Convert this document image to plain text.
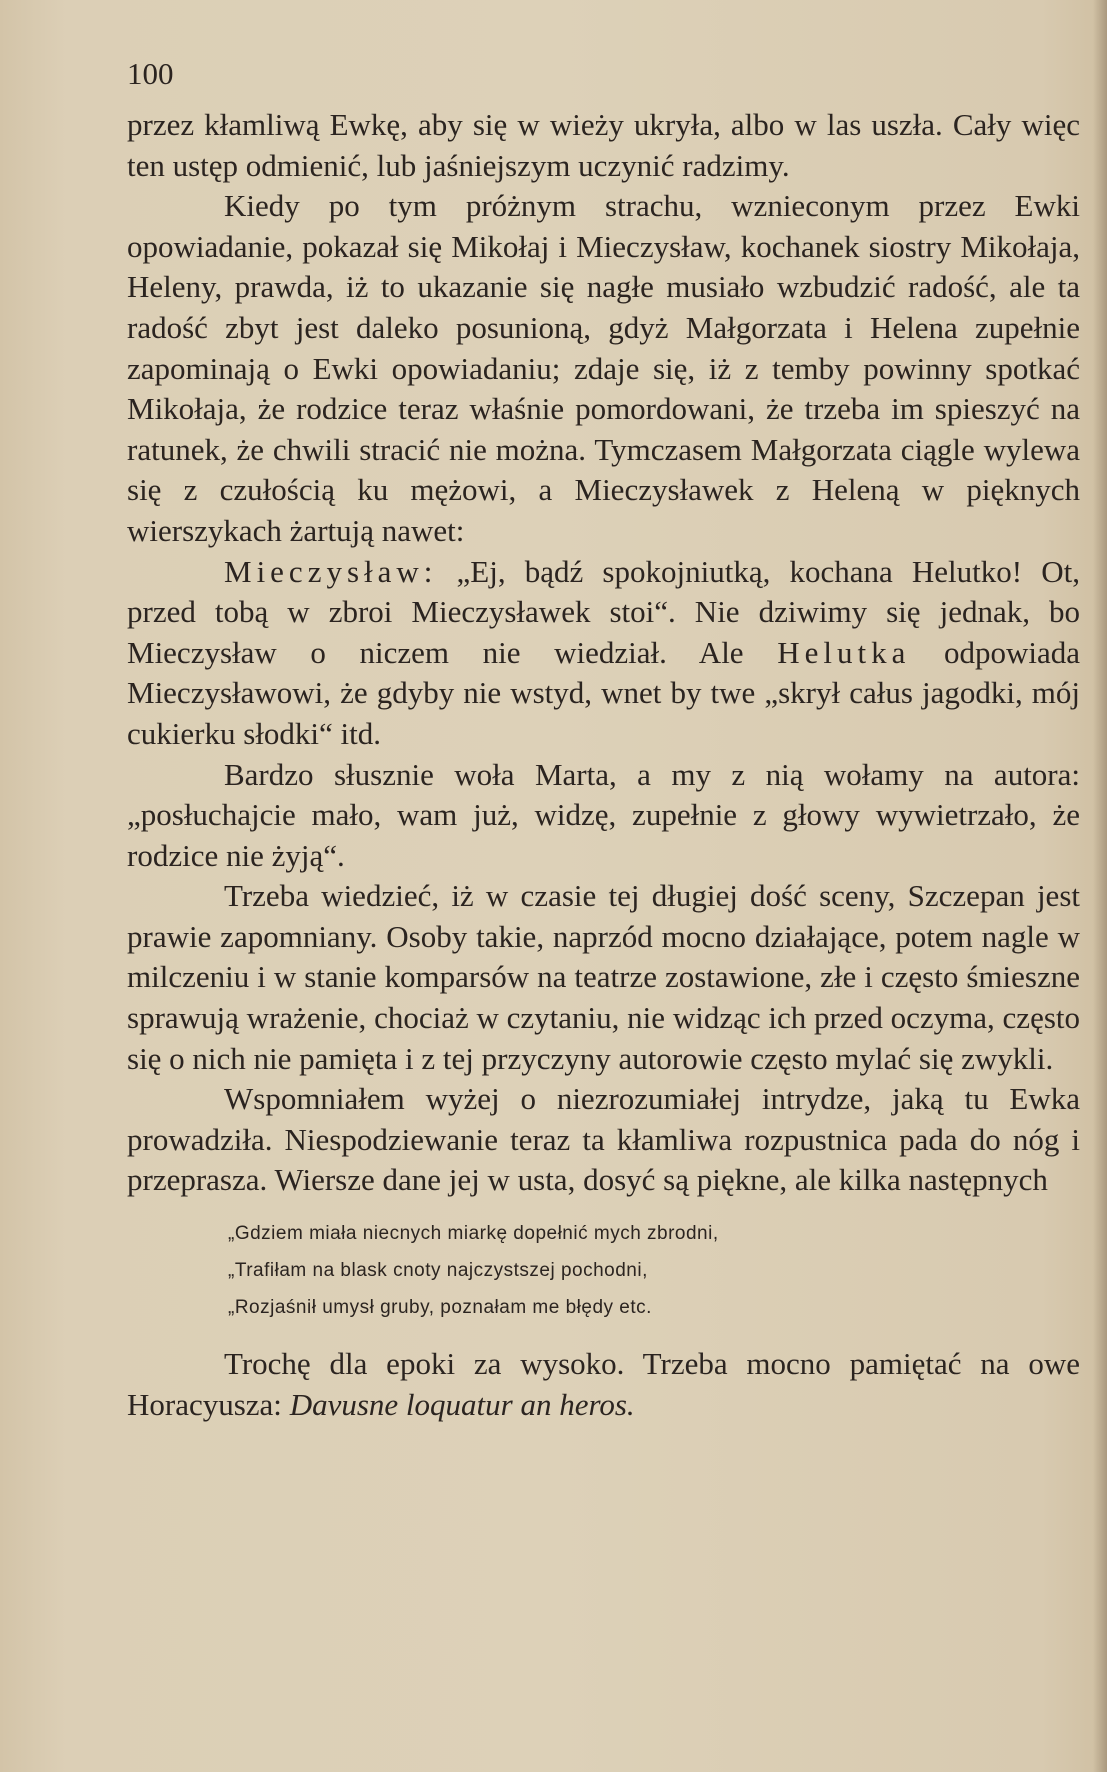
100

przez kłamliwą Ewkę, aby się w wieży ukryła, albo w las uszła. Cały więc ten ustęp odmienić, lub jaśniejszym uczynić radzimy.

Kiedy po tym próżnym strachu, wznieconym przez Ewki opowiadanie, pokazał się Mikołaj i Mieczysław, kochanek siostry Mikołaja, Heleny, prawda, iż to ukazanie się nagłe musiało wzbudzić radość, ale ta radość zbyt jest daleko posunioną, gdyż Małgorzata i Helena zupełnie zapominają o Ewki opowiadaniu; zdaje się, iż z temby powinny spotkać Mikołaja, że rodzice teraz właśnie pomordowani, że trzeba im spieszyć na ratunek, że chwili stracić nie można. Tymczasem Małgorzata ciągle wylewa się z czułością ku mężowi, a Mieczysławek z Heleną w pięknych wierszykach żartują nawet:

Mieczysław: „Ej, bądź spokojniutką, kochana Helutko! Ot, przed tobą w zbroi Mieczysławek stoi“. Nie dziwimy się jednak, bo Mieczysław o niczem nie wiedział. Ale Helutka odpowiada Mieczysławowi, że gdyby nie wstyd, wnet by twe „skrył całus jagodki, mój cukierku słodki“ itd.

Bardzo słusznie woła Marta, a my z nią wołamy na autora: „posłuchajcie mało, wam już, widzę, zupełnie z głowy wywietrzało, że rodzice nie żyją“.

Trzeba wiedzieć, iż w czasie tej długiej dość sceny, Szczepan jest prawie zapomniany. Osoby takie, naprzód mocno działające, potem nagle w milczeniu i w stanie komparsów na teatrze zostawione, złe i często śmieszne sprawują wrażenie, chociaż w czytaniu, nie widząc ich przed oczyma, często się o nich nie pamięta i z tej przyczyny autorowie często mylać się zwykli.

Wspomniałem wyżej o niezrozumiałej intrydze, jaką tu Ewka prowadziła. Niespodziewanie teraz ta kłamliwa rozpustnica pada do nóg i przeprasza. Wiersze dane jej w usta, dosyć są piękne, ale kilka następnych

„Gdziem miała niecnych miarkę dopełnić mych zbrodni,
„Trafiłam na blask cnoty najczystszej pochodni,
„Rozjaśnił umysł gruby, poznałam me błędy etc.

Trochę dla epoki za wysoko. Trzeba mocno pamiętać na owe Horacyusza: Davusne loquatur an heros.
